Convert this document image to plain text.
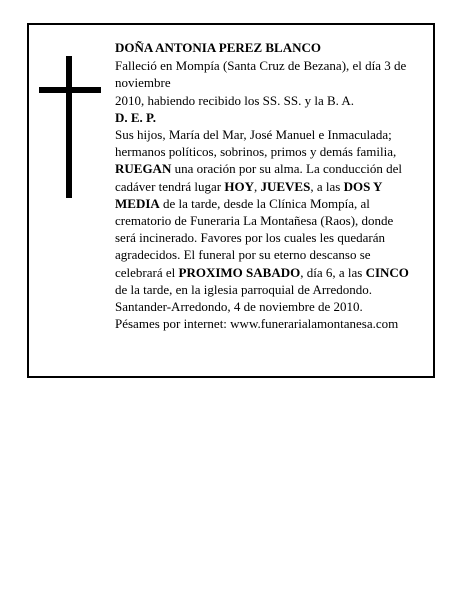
DOÑA ANTONIA PEREZ BLANCO
Falleció en Mompía (Santa Cruz de Bezana), el día 3 de
noviembre
2010, habiendo recibido los SS. SS. y la B. A.
D. E. P.
Sus hijos, María del Mar, José Manuel e Inmaculada;
hermanos políticos, sobrinos, primos y demás familia,
RUEGAN una oración por su alma. La conducción del
cadáver tendrá lugar HOY, JUEVES, a las DOS Y
MEDIA de la tarde, desde la Clínica Mompía, al
crematorio de Funeraria La Montañesa (Raos), donde
será incinerado. Favores por los cuales les quedarán
agradecidos. El funeral por su eterno descanso se
celebrará el PROXIMO SABADO, día 6, a las CINCO
de la tarde, en la iglesia parroquial de Arredondo.
Santander-Arredondo, 4 de noviembre de 2010.
Pésames por internet: www.funerarialamontanesa.com
